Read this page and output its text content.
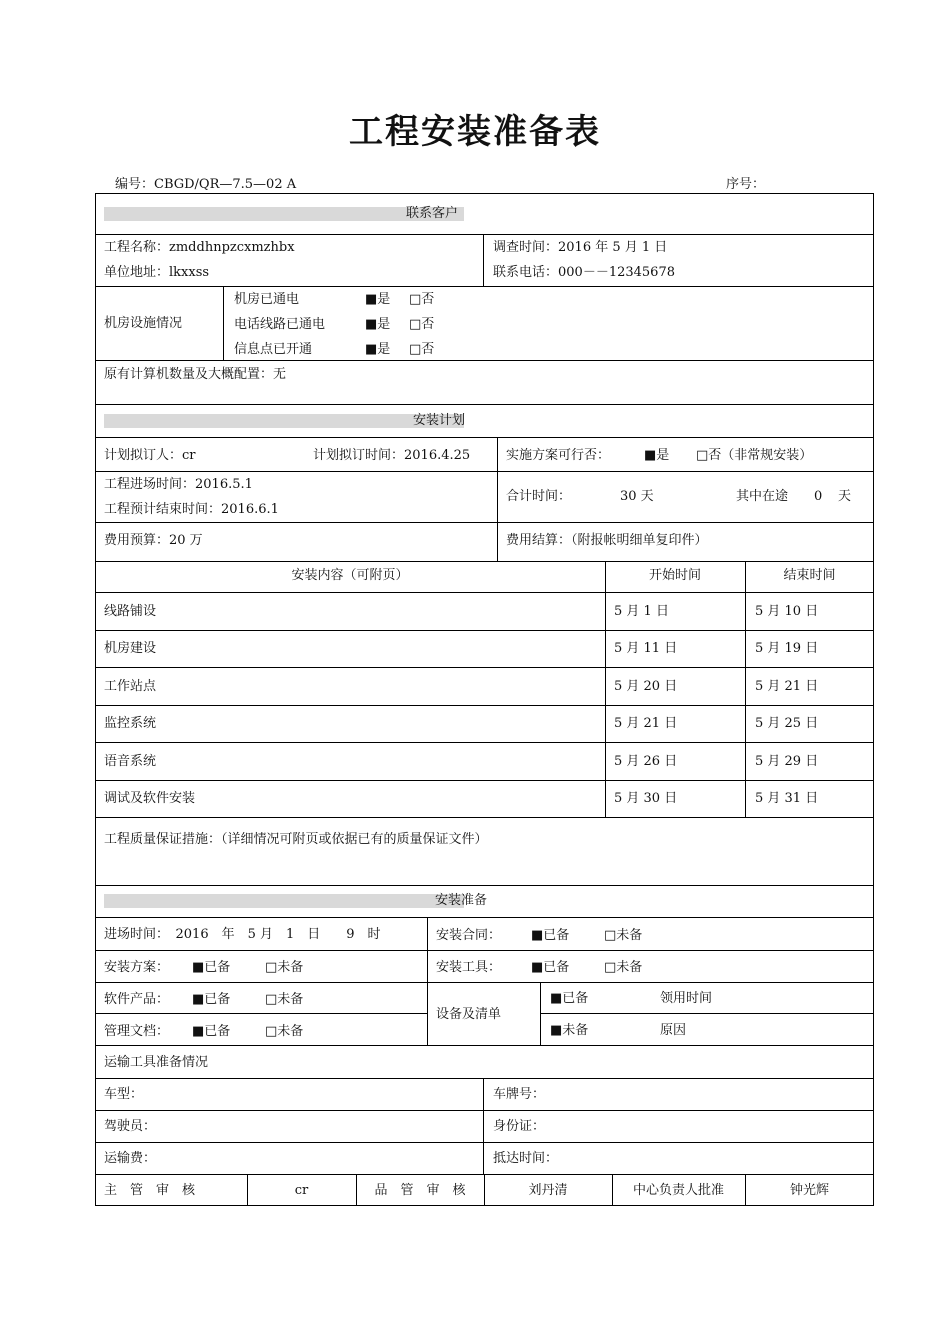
工程安装准备表
编号：CBGD/QR—7.5—02 A	序号：
联系客户
工程名称：zmddhnpzcxmzhbx	调查时间：2016 年 5 月 1 日
单位地址：lkxxss	联系电话：000－－12345678
机房设施情况
机房已通电	■是 □否
电话线路已通电	■是 □否
信息点已开通	■是 □否
原有计算机数量及大概配置：无
安装计划
计划拟订人：cr	计划拟订时间：2016.4.25	实施方案可行否：	■是 □否（非常规安装）
工程进场时间：2016.5.1
工程预计结束时间：2016.6.1
合计时间：	30 天	其中在途 0 天
费用预算：20 万	费用结算：（附报帐明细单复印件）
安装内容（可附页）	开始时间	结束时间
线路铺设	5 月 1 日	5 月 10 日
机房建设	5 月 11 日	5 月 19 日
工作站点	5 月 20 日	5 月 21 日
监控系统	5 月 21 日	5 月 25 日
语音系统	5 月 26 日	5 月 29 日
调试及软件安装	5 月 30 日	5 月 31 日
工程质量保证措施：（详细情况可附页或依据已有的质量保证文件）
安装准备
进场时间：　2016　年　5 月　1　日　　9　时	安装合同： ■已备	□未备
安装方案： ■已备	□未备	安装工具： ■已备	□未备
软件产品： ■已备	□未备
管理文档： ■已备	□未备
设备及清单
■已备	领用时间
■未备	原因
运输工具准备情况
车型：	车牌号：
驾驶员：	身份证：
运输费：	抵达时间：
主　管　审　核	cr	品　管　审　核	刘丹清	中心负责人批准	钟光辉
